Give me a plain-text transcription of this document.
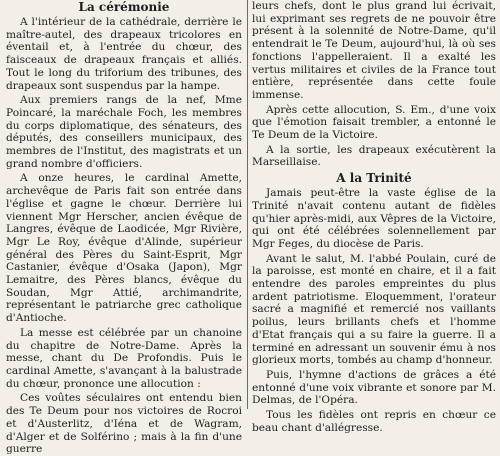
La cérémonie

A l'intérieur de la cathédrale, derrière le maître-autel, des drapeaux tricolores en éventail et, à l'entrée du chœur, des faisceaux de drapeaux français et alliés. Tout le long du triforium des tribunes, des drapeaux sont suspendus par la hampe.

Aux premiers rangs de la nef, Mme Poincaré, la maréchale Foch, les membres du corps diplomatique, des sénateurs, des députés, des conseillers municipaux, des membres de l'Institut, des magistrats et un grand nombre d'officiers.

A onze heures, le cardinal Amette, archevêque de Paris fait son entrée dans l'église et gagne le chœur. Derrière lui viennent Mgr Herscher, ancien évêque de Langres, évêque de Laodicée, Mgr Rivière, Mgr Le Roy, évêque d'Alinde, supérieur général des Pères du Saint-Esprit, Mgr Castanier, évêque d'Osaka (Japon), Mgr Lemaitre, des Pères blancs, évêque du Soudan, Mgr Attié, archimandrite, représentant le patriarche grec catholique d'Antioche.

La messe est célébrée par un chanoine du chapitre de Notre-Dame. Après la messe, chant du De Profondis. Puis le cardinal Amette, s'avançant à la balustrade du chœur, prononce une allocution :

Ces voûtes séculaires ont entendu bien des Te Deum pour nos victoires de Rocroi et d'Austerlitz, d'Iéna et de Wagram, d'Alger et de Solférino ; mais à la fin d'une guerre

leurs chefs, dont le plus grand lui écrivait, lui exprimant ses regrets de ne pouvoir être présent à la solennité de Notre-Dame, qu'il entendrait le Te Deum, aujourd'hui, là où ses fonctions l'appelleraient. Il a exalté les vertus militaires et civiles de la France tout entière, représentée dans cette foule immense.

Après cette allocution, S. Em., d'une voix que l'émotion faisait trembler, a entonné le Te Deum de la Victoire.

A la sortie, les drapeaux exécutèrent la Marseillaise.

A la Trinité

Jamais peut-être la vaste église de la Trinité n'avait contenu autant de fidèles qu'hier après-midi, aux Vêpres de la Victoire, qui ont été célébrées solennellement par Mgr Feges, du diocèse de Paris.

Avant le salut, M. l'abbé Poulain, curé de la paroisse, est monté en chaire, et il a fait entendre des paroles empreintes du plus ardent patriotisme. Eloquemment, l'orateur sacré a magnifié et remercié nos vaillants poilus, leurs brillants chefs et l'homme d'Etat français qui a su faire la guerre. Il a terminé en adressant un souvenir ému à nos glorieux morts, tombés au champ d'honneur.

Puis, l'hymne d'actions de grâces a été entonné d'une voix vibrante et sonore par M. Delmas, de l'Opéra.

Tous les fidèles ont repris en chœur ce beau chant d'allégresse.
